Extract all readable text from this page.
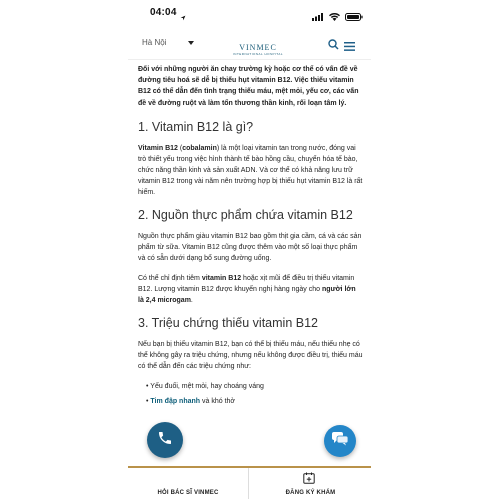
04:04
Hà Nội
VINMEC
INTERNATIONAL HOSPITAL

Đối với những người ăn chay trường kỳ hoặc cơ thể có vấn đề về đường tiêu hoá sẽ dễ bị thiếu hụt vitamin B12. Việc thiếu vitamin B12 có thể dẫn đến tình trạng thiếu máu, mệt mỏi, yếu cơ, các vấn đề về đường ruột và làm tổn thương thần kinh, rối loạn tâm lý.

1. Vitamin B12 là gì?

Vitamin B12 (cobalamin) là một loại vitamin tan trong nước, đóng vai trò thiết yếu trong việc hình thành tế bào hồng cầu, chuyển hóa tế bào, chức năng thần kinh và sản xuất ADN. Và cơ thể có khả năng lưu trữ vitamin B12 trong vài năm nên trường hợp bị thiếu hụt vitamin B12 là rất hiếm.

2. Nguồn thực phẩm chứa vitamin B12

Nguồn thực phẩm giàu vitamin B12 bao gồm thịt gia cầm, cá và các sản phẩm từ sữa. Vitamin B12 cũng được thêm vào một số loại thực phẩm và có sẵn dưới dạng bổ sung đường uống.

Có thể chỉ định tiêm vitamin B12 hoặc xịt mũi để điều trị thiếu vitamin B12. Lượng vitamin B12 được khuyến nghị hàng ngày cho người lớn là 2,4 microgam.

3. Triệu chứng thiếu vitamin B12

Nếu bạn bị thiếu vitamin B12, bạn có thể bị thiếu máu, nếu thiếu nhẹ có thể không gây ra triệu chứng, nhưng nếu không được điều trị, thiếu máu có thể dẫn đến các triệu chứng như:

• Yếu đuối, mệt mỏi, hay choáng váng

• Tim đập nhanh và khó thở

HỎI BÁC SĨ VINMEC	ĐĂNG KÝ KHÁM
